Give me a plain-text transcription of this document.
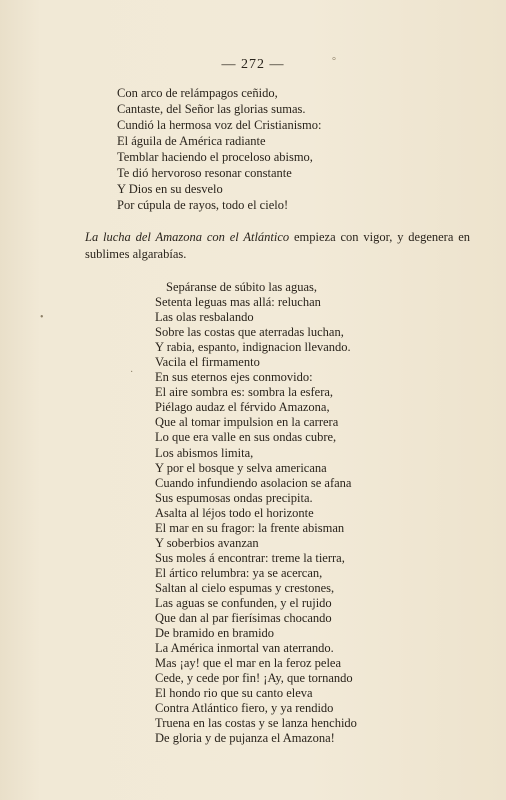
— 272 —
Con arco de relámpagos ceñido,
Cantaste, del Señor las glorias sumas.
Cundió la hermosa voz del Cristianismo:
El águila de América radiante
Temblar haciendo el proceloso abismo,
Te dió hervoroso resonar constante
Y Dios en su desvelo
Por cúpula de rayos, todo el cielo!
La lucha del Amazona con el Atlántico empieza con vigor, y degenera en sublimes algarabías.
Sepáranse de súbito las aguas,
Setenta leguas mas allá: reluchan
Las olas resbalando
Sobre las costas que aterradas luchan,
Y rabia, espanto, indignacion llevando.
Vacila el firmamento
En sus eternos ejes conmovido:
El aire sombra es: sombra la esfera,
Piélago audaz el férvido Amazona,
Que al tomar impulsion en la carrera
Lo que era valle en sus ondas cubre,
Los abismos limita,
Y por el bosque y selva americana
Cuando infundiendo asolacion se afana
Sus espumosas ondas precipita.
Asalta al léjos todo el horizonte
El mar en su fragor: la frente abisman
Y soberbios avanzan
Sus moles á encontrar: treme la tierra,
El ártico relumbra: ya se acercan,
Saltan al cielo espumas y crestones,
Las aguas se confunden, y el rujido
Que dan al par fierísimas chocando
De bramido en bramido
La América inmortal van aterrando.
Mas ¡ay! que el mar en la feroz pelea
Cede, y cede por fin! ¡Ay, que tornando
El hondo rio que su canto eleva
Contra Atlántico fiero, y ya rendido
Truena en las costas y se lanza henchido
De gloria y de pujanza el Amazona!
•
·
°
